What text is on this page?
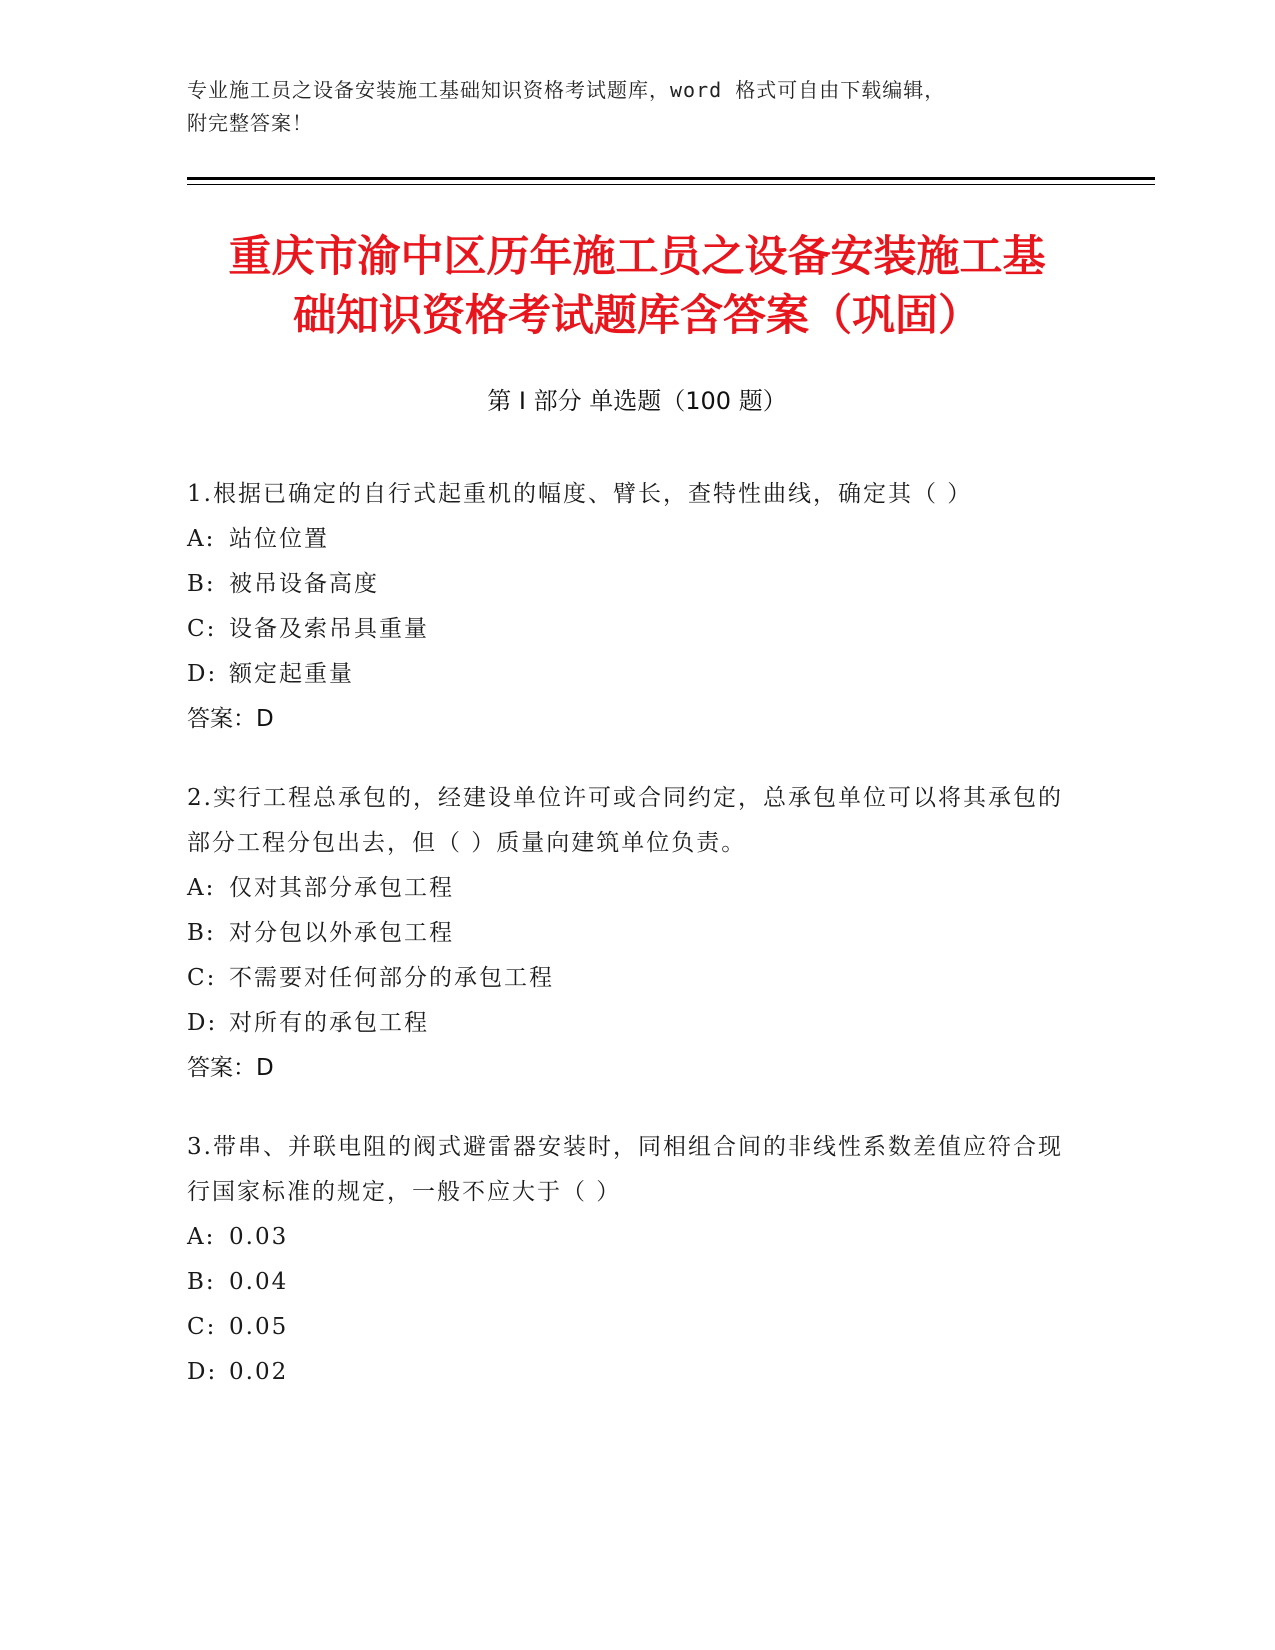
专业施工员之设备安装施工基础知识资格考试题库，word 格式可自由下载编辑，
附完整答案！
重庆市渝中区历年施工员之设备安装施工基
础知识资格考试题库含答案（巩固）
第 I 部分 单选题（100 题）
1.根据已确定的自行式起重机的幅度、臂长，查特性曲线，确定其（ ）
A: 站位位置
B: 被吊设备高度
C: 设备及索吊具重量
D: 额定起重量
答案：D
2.实行工程总承包的，经建设单位许可或合同约定，总承包单位可以将其承包的部分工程分包出去，但（ ）质量向建筑单位负责。
A: 仅对其部分承包工程
B: 对分包以外承包工程
C: 不需要对任何部分的承包工程
D: 对所有的承包工程
答案：D
3.带串、并联电阻的阀式避雷器安装时，同相组合间的非线性系数差值应符合现行国家标准的规定，一般不应大于（ ）
A: 0.03
B: 0.04
C: 0.05
D: 0.02
